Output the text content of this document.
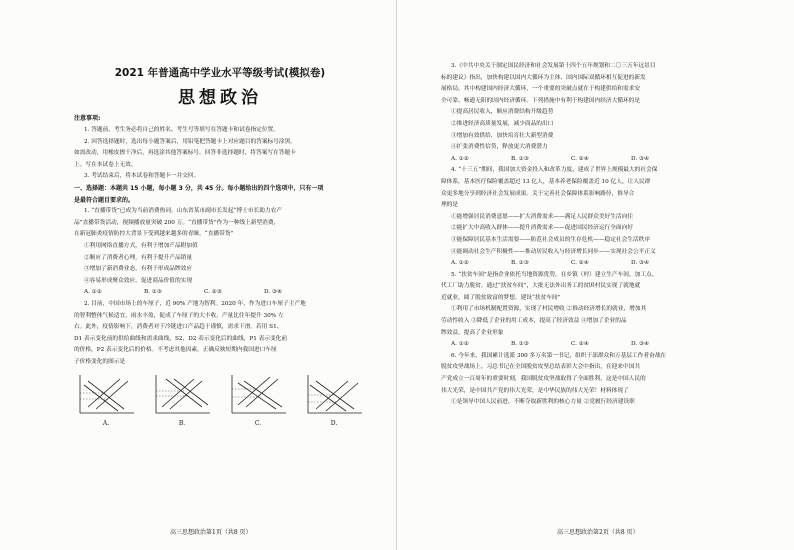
2021 年普通高中学业水平等级考试(模拟卷)
思想政治
注意事项:

1. 答题前，考生务必将自己的姓名、考生号等填写在答题卡和试卷指定位置。

2. 回答选择题时，选出每小题答案后，用铅笔把答题卡上对应题目的答案标号涂黑。

如需改动，用橡皮擦干净后，再选涂其他答案标号。回答非选择题时，将答案写在答题卡

上。写在本试卷上无效。

3. 考试结束后，将本试卷和答题卡一并交回。

一、选择题：本题共 15 小题，每小题 3 分，共 45 分。每小题给出的四个选项中，只有一项

是最符合题目要求的。

1. “直播带货”已成为当前消费热词。山东省某市副市长发起“博士市长助力农产

品”直播带货活动，视频播放量突破 200 万。“直播带货”作为一种线上新型消费，

在新冠肺炎疫情防控大背景下受到越来越多的青睐。“直播带货”

①利用网络直播方式，有利于增加产品附加值

②顺应了消费者心理，有利于提升产品销量

③增加了新消费业态，有利于形成品牌效应

④容易形成聚众效应，促进商品价值的实现

A. ①②	B. ①③	C. ②③	D. ③④

2. 目前，中国市场上的车厘子，近 90% 产地为智利。2020 年，作为进口车厘子主产地

的智利整体气候适宜，雨水丰盈，促成了车厘子的大丰收，产量比往年提升 30% 左

右。此外，疫情影响下，消费者对于冷链进口产品趋于谨慎，需求下滑。若用 S1、

D1 表示变化前的供给曲线和需求曲线，S2、D2 表示变化后的曲线，P1 表示变化前

的价格，P2 表示变化后的价格。不考虑其他因素，正确反映短期内我国进口车厘

子价格变化的图示是

A.	B.	C.	D.
高三思想政治第1页（共8 页）

3.《中共中央关于制定国民经济和社会发展第十四个五年规划和二〇三五年远景目

标的建议》指出，加快构建以国内大循环为主体、国内国际双循环相互促进的新发

展格局。其中构建国内经济大循环，一个重要的突破点就在于构建供给和需求安

全可靠、畅通无阻的国内经济循环。下列措施中有利于构建国内经济大循环的是

①提高居民收入，顺应消费结构升级趋势

②推进经济高质量发展，减少商品的出口

③增加有效供给，加快培育壮大新型消费

④扩张消费性信贷，释放更大消费潜力

A. ①②	B. ①③	C. ②④	D. ③④

4. “十三五”期间，我国加大资金投入和改革力度，建成了世界上规模最大的社会保

障体系，基本医疗保险覆盖超过 13 亿人，基本养老保险覆盖近 10 亿人，让人民群

众更多地分享到经济社会发展成果。关于完善社会保障体系影响路径，推导合

理的是

①能增强居民消费意愿——扩大消费需求——满足人民群众美好生活向往

②能扩大中高收入群体——提升消费需求——促进国民经济运行全面向好

③能保障居民基本生活需要——防范社会成员的生存危机——稳定社会生活秩序

④能调动社会生产积极性——推动居民收入与经济增长同步——实现社会公平正义

A. ①②	B. ①③	C. ②④	D. ③④

5. “扶贫车间”是指企业依托当地资源优势，在乡镇（村）建立生产车间，加工点、

代工厂助力脱贫。通过“扶贫车间”，大批无法外出务工的贫困村民实现了就地就

近就业，圆了脱贫致富的梦想。建设“扶贫车间”

①利用了市场机制配置资源，实现了村民增收 ②推动经济增长的就业，增加其

劳动性收入 ③降低了企业的用工成本，提高了经济效益 ④增加了企业的品

牌效益，提高了企业形象

A. ①②	B. ①③	C. ②④	D. ③④

6. 今年来，我国累计选派 300 多万名第一书记，组织干部群众和万基层工作者奋战在

脱贫攻坚战场上。习总书记在全国脱贫攻坚总结表彰大会中指出，在迎来中国共

产党成立一百周年的重要时刻，我国脱贫攻坚战取得了全面胜利，这是中国人民的

伟大光荣，是中国共产党的伟大光荣，是中华民族的伟大光荣！材料体现了

①是领导中国人民前进、不断夺取新胜利的核心力量 ②党履行经济建设职

高三思想政治第2页（共8 页）
